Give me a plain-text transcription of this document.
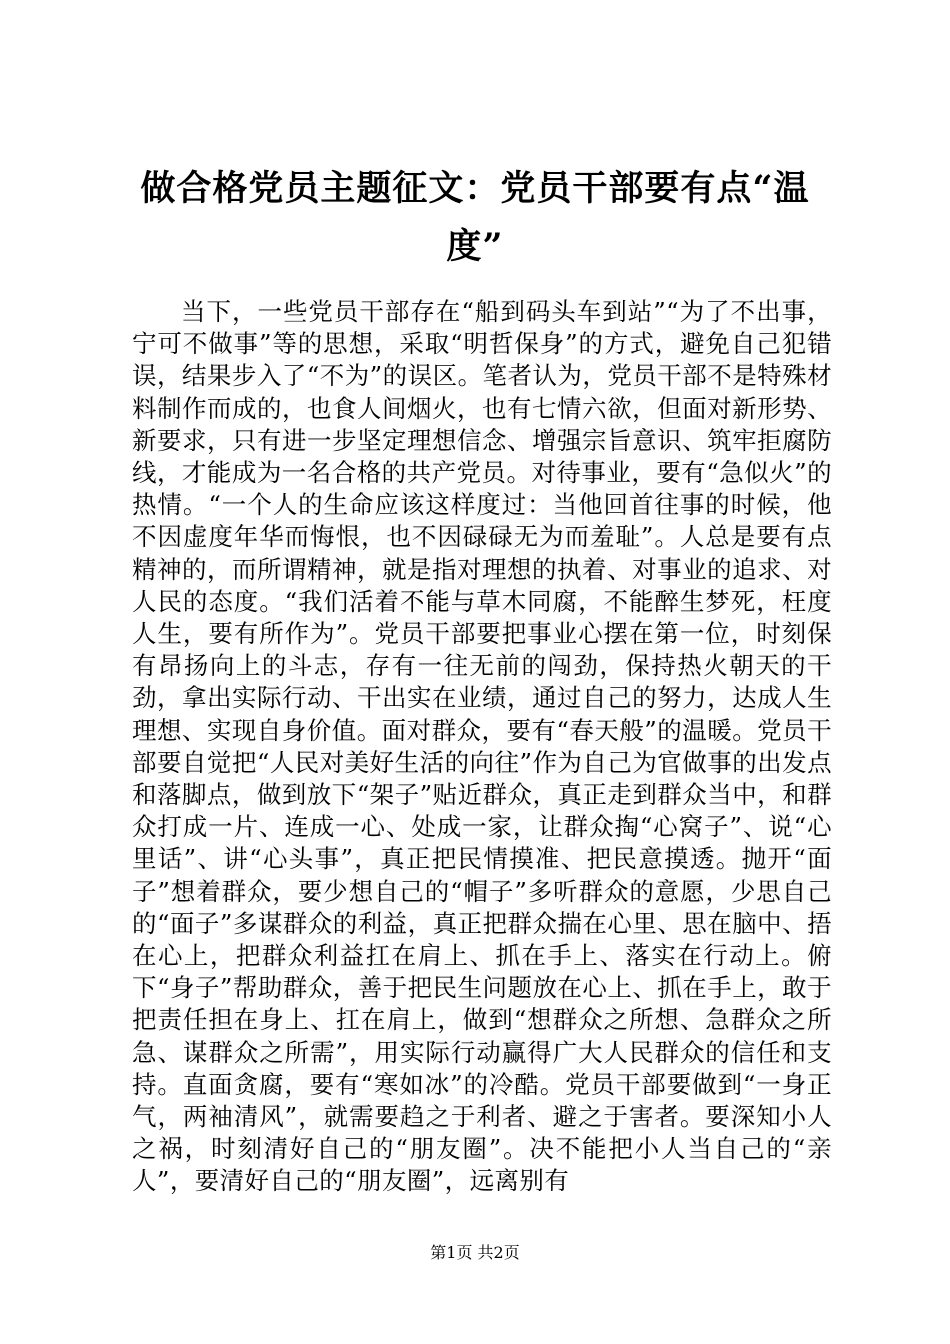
做合格党员主题征文：党员干部要有点“温度”

当下，一些党员干部存在“船到码头车到站”“为了不出事，宁可不做事”等的思想，采取“明哲保身”的方式，避免自己犯错误，结果步入了“不为”的误区。笔者认为，党员干部不是特殊材料制作而成的，也食人间烟火，也有七情六欲，但面对新形势、新要求，只有进一步坚定理想信念、增强宗旨意识、筑牢拒腐防线，才能成为一名合格的共产党员。对待事业，要有“急似火”的热情。“一个人的生命应该这样度过：当他回首往事的时候，他不因虚度年华而悔恨，也不因碌碌无为而羞耻”。人总是要有点精神的，而所谓精神，就是指对理想的执着、对事业的追求、对人民的态度。“我们活着不能与草木同腐，不能醉生梦死，枉度人生，要有所作为”。党员干部要把事业心摆在第一位，时刻保有昂扬向上的斗志，存有一往无前的闯劲，保持热火朝天的干劲，拿出实际行动、干出实在业绩，通过自己的努力，达成人生理想、实现自身价值。面对群众，要有“春天般”的温暖。党员干部要自觉把“人民对美好生活的向往”作为自己为官做事的出发点和落脚点，做到放下“架子”贴近群众，真正走到群众当中，和群众打成一片、连成一心、处成一家，让群众掏“心窝子”、说“心里话”、讲“心头事”，真正把民情摸准、把民意摸透。抛开“面子”想着群众，要少想自己的“帽子”多听群众的意愿，少思自己的“面子”多谋群众的利益，真正把群众揣在心里、思在脑中、捂在心上，把群众利益扛在肩上、抓在手上、落实在行动上。俯下“身子”帮助群众，善于把民生问题放在心上、抓在手上，敢于把责任担在身上、扛在肩上，做到“想群众之所想、急群众之所急、谋群众之所需”，用实际行动赢得广大人民群众的信任和支持。直面贪腐，要有“寒如冰”的冷酷。党员干部要做到“一身正气，两袖清风”，就需要趋之于利者、避之于害者。要深知小人之祸，时刻清好自己的“朋友圈”。决不能把小人当自己的“亲人”，要清好自己的“朋友圈”，远离别有

第1页 共2页
